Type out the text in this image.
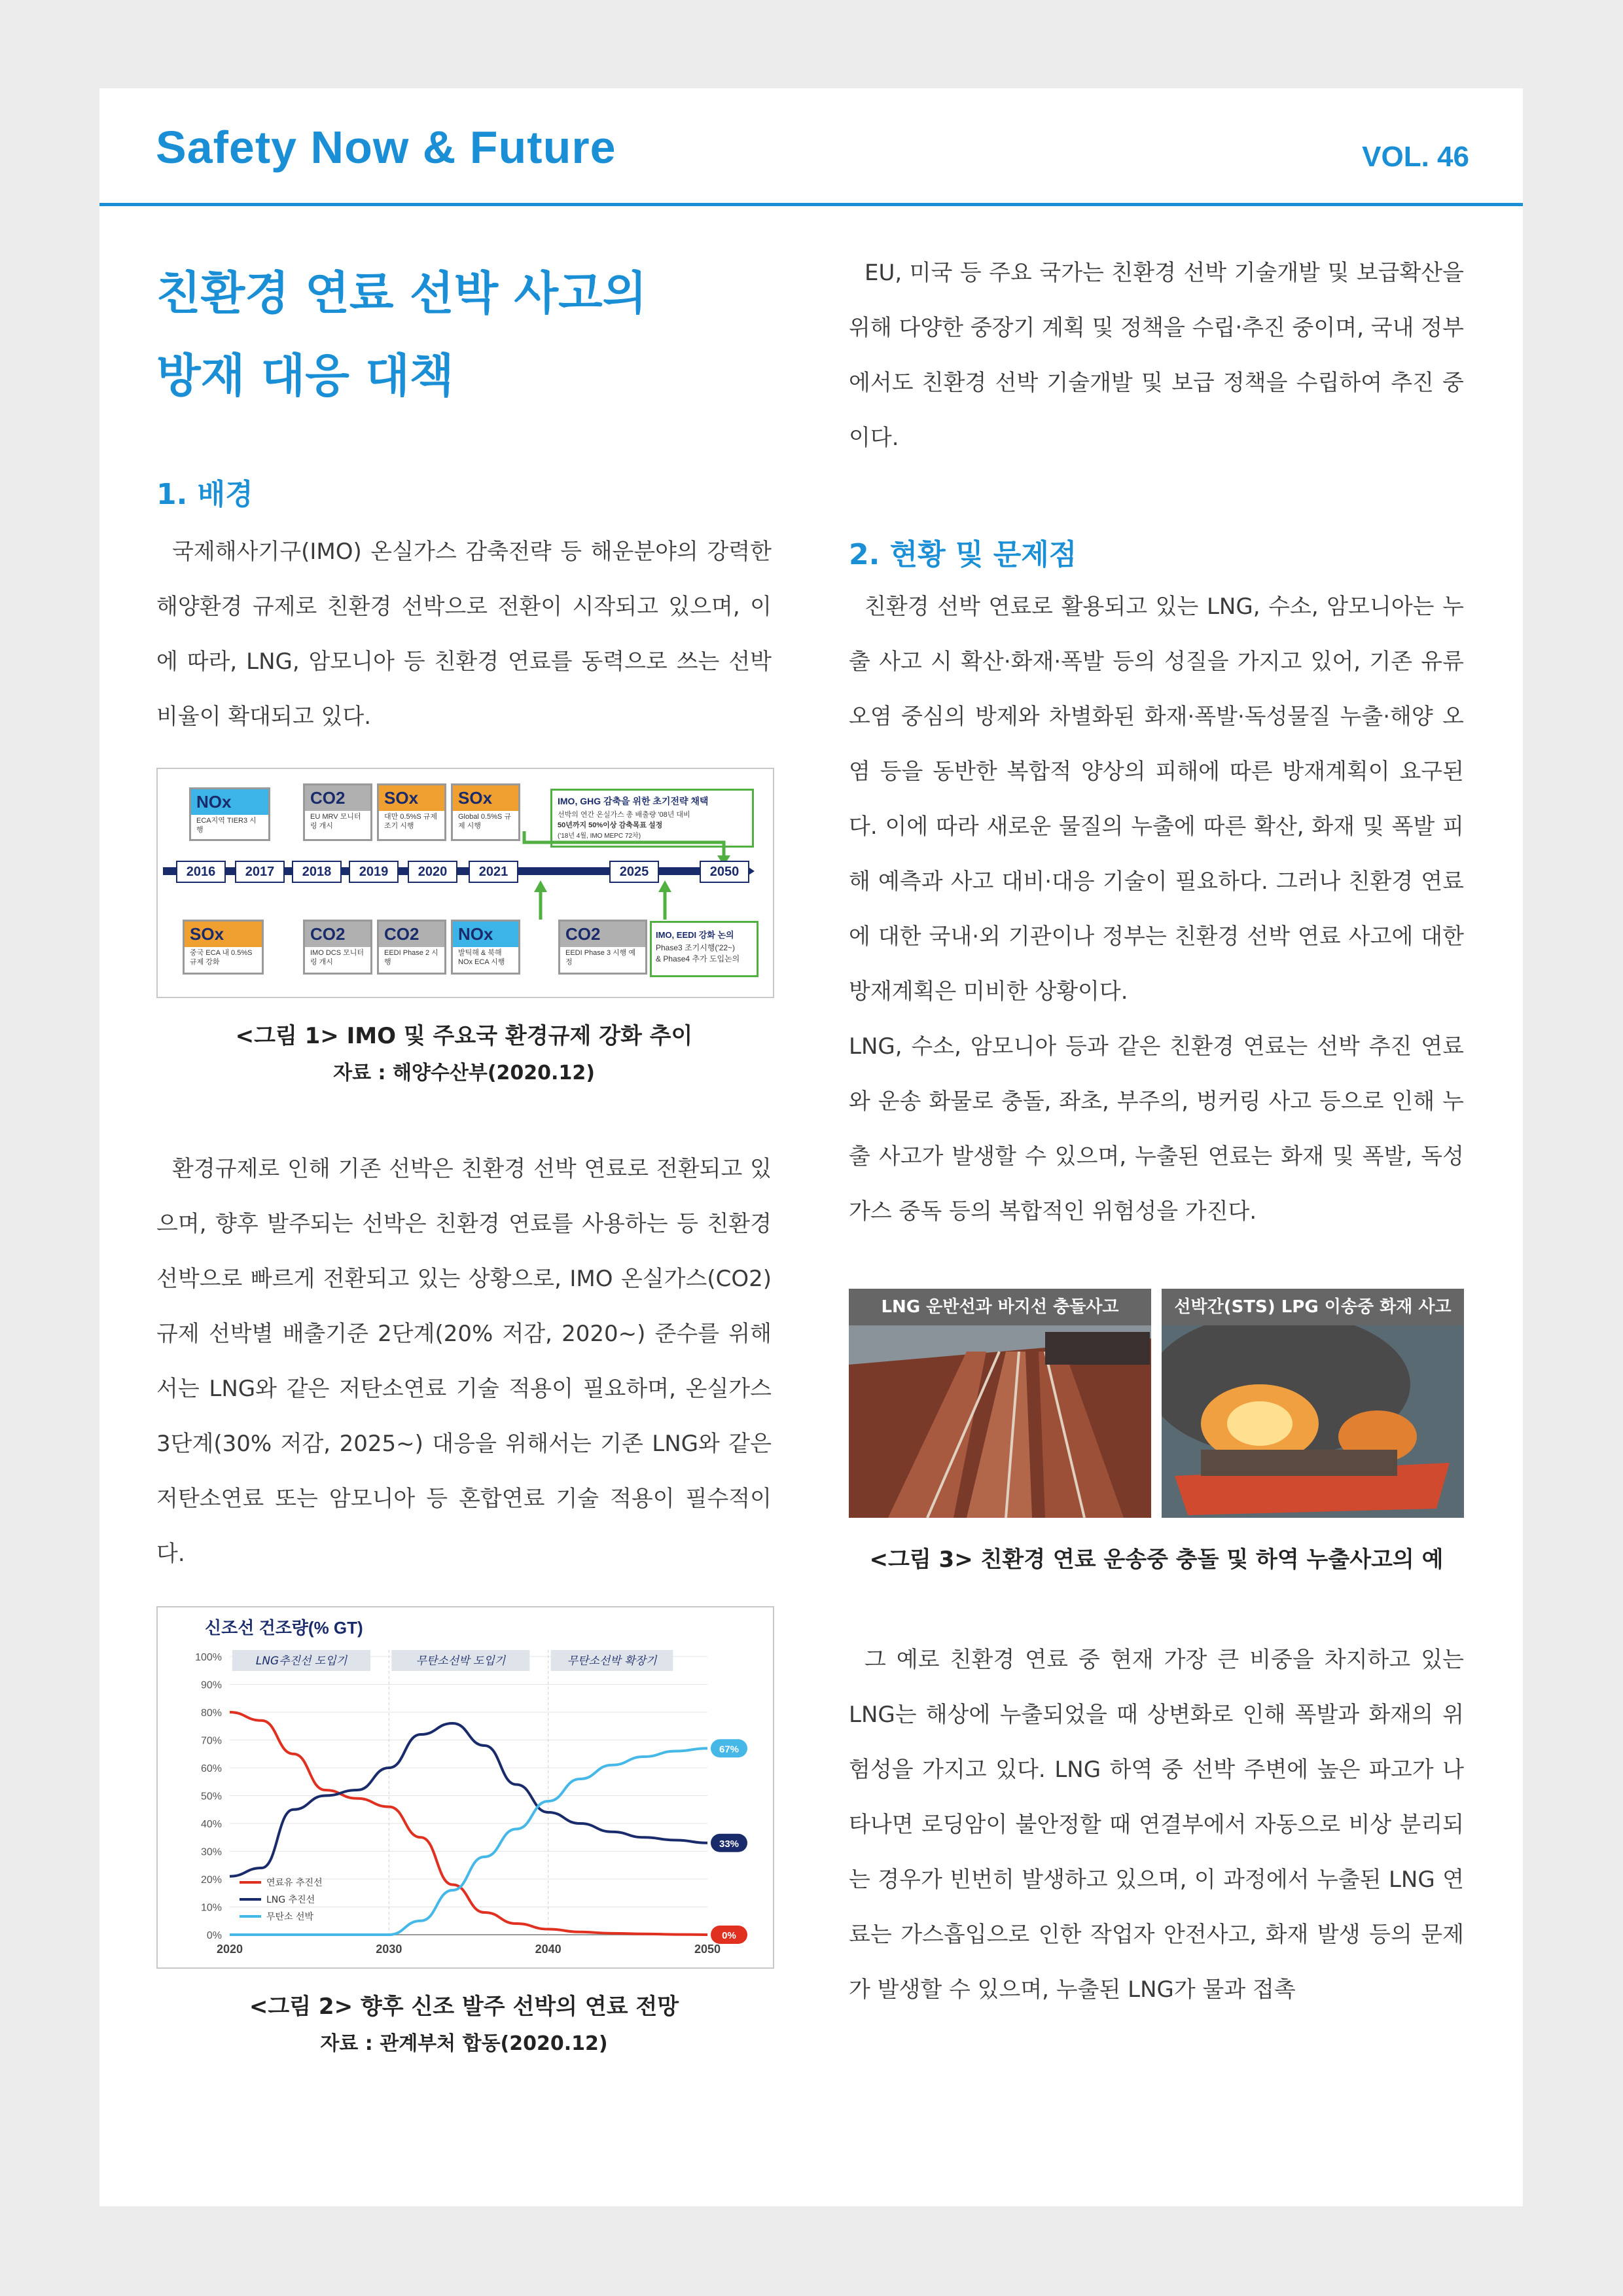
Safety Now & Future	VOL. 46
친환경 연료 선박 사고의
방재 대응 대책
1. 배경

국제해사기구(IMO) 온실가스 감축전략 등 해운분야의 강력한 해양환경 규제로 친환경 선박으로 전환이 시작되고 있으며, 이에 따라, LNG, 암모니아 등 친환경 연료를 동력으로 쓰는 선박 비율이 확대되고 있다.

2016	2017	2018	2019	2020	2021	2025	2050
NOx
ECA지역 TIER3 시행
CO2
EU MRV 모니터링 개시
SOx
대만 0.5%S 규제 조기 시행
SOx
Global 0.5%S 규제 시행
IMO, GHG 감축을 위한 초기전략 채택
선박의 연간 온실가스 총 배출량 '08년 대비
50년까지 50%이상 감축목표 설정
('18년 4월, IMO MEPC 72차)
SOx
중국 ECA 내 0.5%S 규제 강화
CO2
IMO DCS 모니터링 개시
CO2
EEDI Phase 2 시행
NOx
발틱해 & 북해 NOx ECA 시행
CO2
EEDI Phase 3 시행 예정
IMO, EEDI 강화 논의
Phase3 조기시행('22~)
& Phase4 추가 도입논의

<그림 1> IMO 및 주요국 환경규제 강화 추이

자료 : 해양수산부(2020.12)

환경규제로 인해 기존 선박은 친환경 선박 연료로 전환되고 있으며, 향후 발주되는 선박은 친환경 연료를 사용하는 등 친환경 선박으로 빠르게 전환되고 있는 상황으로, IMO 온실가스(CO2) 규제 선박별 배출기준 2단계(20% 저감, 2020~) 준수를 위해서는 LNG와 같은 저탄소연료 기술 적용이 필요하며, 온실가스 3단계(30% 저감, 2025~) 대응을 위해서는 기존 LNG와 같은 저탄소연료 또는 암모니아 등 혼합연료 기술 적용이 필수적이다.

신조선 건조량(% GT)
100%
90%
80%
70%
60%
50%
40%
30%
20%
10%
0%
2020	2030	2040	2050
LNG추진선 도입기	무탄소선박 도입기	무탄소선박 확장기
연료유 추진선
LNG 추진선
무탄소 선박
0%
33%
67%

<그림 2> 향후 신조 발주 선박의 연료 전망

자료 : 관계부처 합동(2020.12)

EU, 미국 등 주요 국가는 친환경 선박 기술개발 및 보급확산을 위해 다양한 중장기 계획 및 정책을 수립‧추진 중이며, 국내 정부에서도 친환경 선박 기술개발 및 보급 정책을 수립하여 추진 중이다.

2. 현황 및 문제점

친환경 선박 연료로 활용되고 있는 LNG, 수소, 암모니아는 누출 사고 시 확산·화재·폭발 등의 성질을 가지고 있어, 기존 유류 오염 중심의 방제와 차별화된 화재·폭발·독성물질 누출·해양 오염 등을 동반한 복합적 양상의 피해에 따른 방재계획이 요구된다. 이에 따라 새로운 물질의 누출에 따른 확산, 화재 및 폭발 피해 예측과 사고 대비·대응 기술이 필요하다. 그러나 친환경 연료에 대한 국내·외 기관이나 정부는 친환경 선박 연료 사고에 대한 방재계획은 미비한 상황이다.

LNG, 수소, 암모니아 등과 같은 친환경 연료는 선박 추진 연료와 운송 화물로 충돌, 좌초, 부주의, 벙커링 사고 등으로 인해 누출 사고가 발생할 수 있으며, 누출된 연료는 화재 및 폭발, 독성가스 중독 등의 복합적인 위험성을 가진다.

LNG 운반선과 바지선 충돌사고	선박간(STS) LPG 이송중 화재 사고

<그림 3> 친환경 연료 운송중 충돌 및 하역 누출사고의 예

그 예로 친환경 연료 중 현재 가장 큰 비중을 차지하고 있는 LNG는 해상에 누출되었을 때 상변화로 인해 폭발과 화재의 위험성을 가지고 있다. LNG 하역 중 선박 주변에 높은 파고가 나타나면 로딩암이 불안정할 때 연결부에서 자동으로 비상 분리되는 경우가 빈번히 발생하고 있으며, 이 과정에서 누출된 LNG 연료는 가스흡입으로 인한 작업자 안전사고, 화재 발생 등의 문제가 발생할 수 있으며, 누출된 LNG가 물과 접촉
